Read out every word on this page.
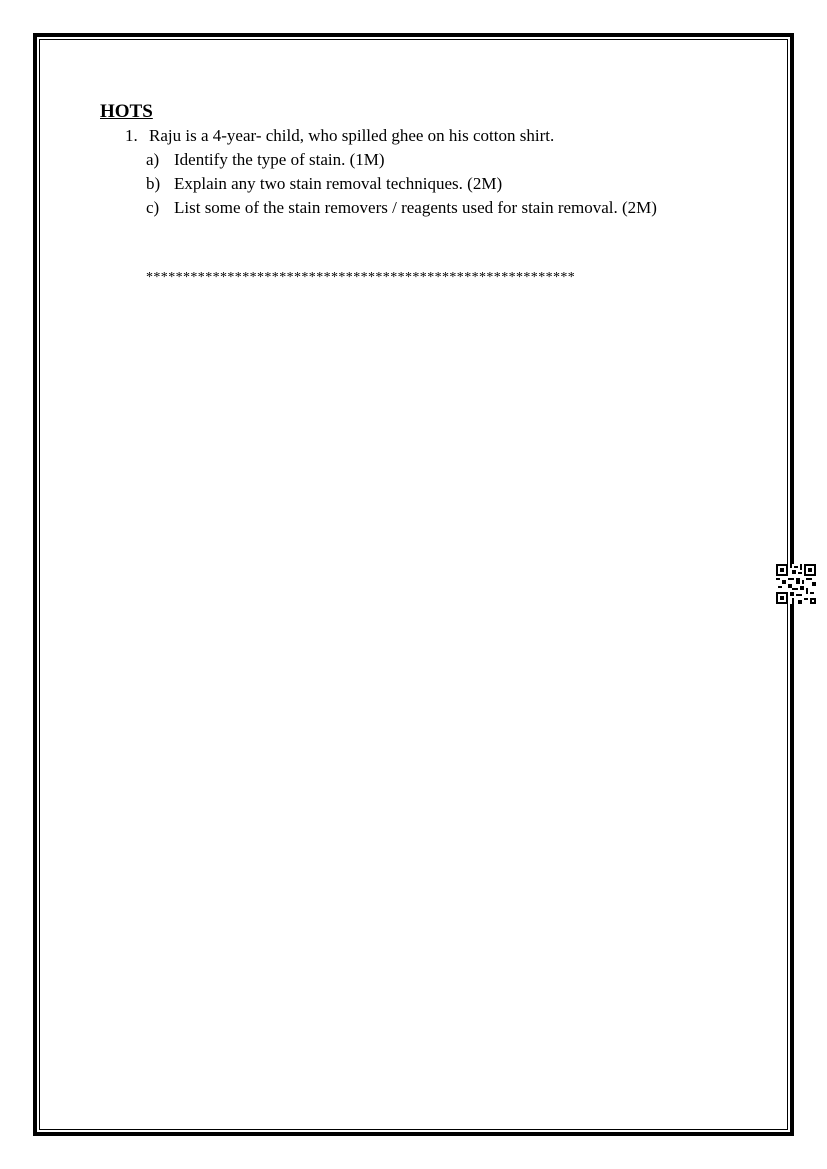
HOTS

1. Raju is a 4-year- child, who spilled ghee on his cotton shirt.

a) Identify the type of stain. (1M)
b) Explain any two stain removal techniques. (2M)
c) List some of the stain removers / reagents used for stain removal. (2M)
**********************************************************
